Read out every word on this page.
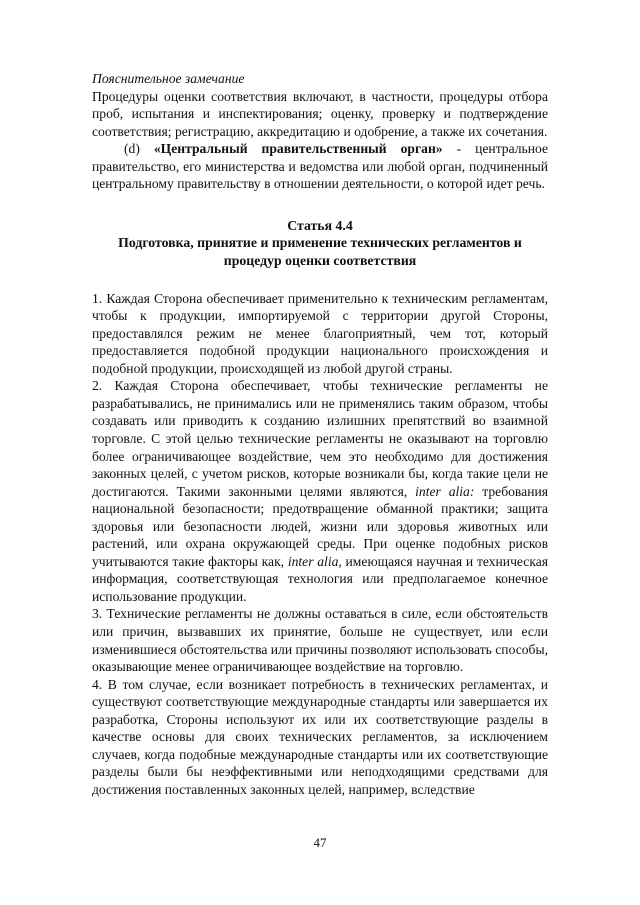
Пояснительное замечание

Процедуры оценки соответствия включают, в частности, процедуры отбора проб, испытания и инспектирования; оценку, проверку и подтверждение соответствия; регистрацию, аккредитацию и одобрение, а также их сочетания.

(d) «Центральный правительственный орган» - центральное правительство, его министерства и ведомства или любой орган, подчиненный центральному правительству в отношении деятельности, о которой идет речь.

Статья 4.4

Подготовка, принятие и применение технических регламентов и процедур оценки соответствия

1. Каждая Сторона обеспечивает применительно к техническим регламентам, чтобы к продукции, импортируемой с территории другой Стороны, предоставлялся режим не менее благоприятный, чем тот, который предоставляется подобной продукции национального происхождения и подобной продукции, происходящей из любой другой страны.

2. Каждая Сторона обеспечивает, чтобы технические регламенты не разрабатывались, не принимались или не применялись таким образом, чтобы создавать или приводить к созданию излишних препятствий во взаимной торговле. С этой целью технические регламенты не оказывают на торговлю более ограничивающее воздействие, чем это необходимо для достижения законных целей, с учетом рисков, которые возникали бы, когда такие цели не достигаются. Такими законными целями являются, inter alia: требования национальной безопасности; предотвращение обманной практики; защита здоровья или безопасности людей, жизни или здоровья животных или растений, или охрана окружающей среды. При оценке подобных рисков учитываются такие факторы как, inter alia, имеющаяся научная и техническая информация, соответствующая технология или предполагаемое конечное использование продукции.

3. Технические регламенты не должны оставаться в силе, если обстоятельств или причин, вызвавших их принятие, больше не существует, или если изменившиеся обстоятельства или причины позволяют использовать способы, оказывающие менее ограничивающее воздействие на торговлю.

4. В том случае, если возникает потребность в технических регламентах, и существуют соответствующие международные стандарты или завершается их разработка, Стороны используют их или их соответствующие разделы в качестве основы для своих технических регламентов, за исключением случаев, когда подобные международные стандарты или их соответствующие разделы были бы неэффективными или неподходящими средствами для достижения поставленных законных целей, например, вследствие

47
